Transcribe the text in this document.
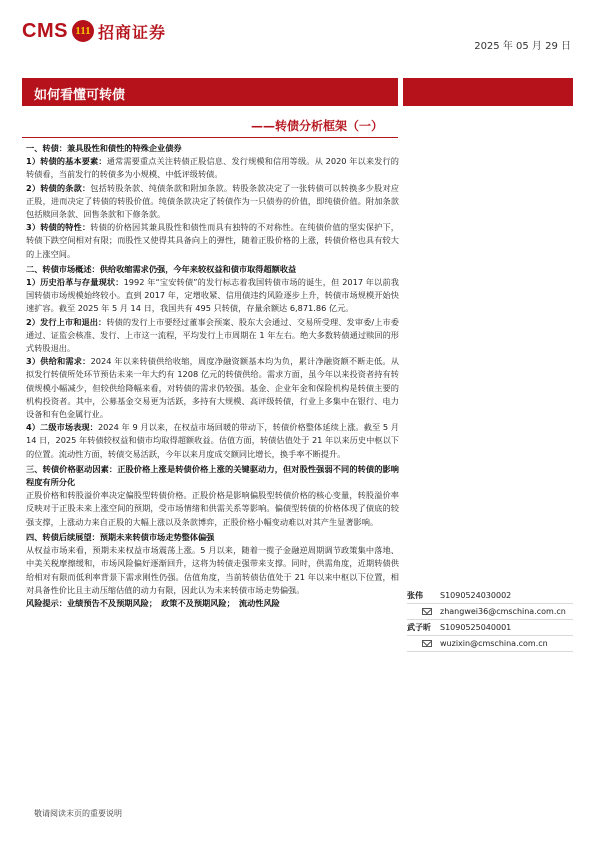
CMS 111 招商证券
2025 年 05 月 29 日
如何看懂可转债
——转债分析框架（一）

一、转债：兼具股性和债性的特殊企业债券

1）转债的基本要素：通常需要重点关注转债正股信息、发行规模和信用等级。从 2020 年以来发行的转债看，当前发行的转债多为小规模、中低评级转债。

2）转债的条款：包括转股条款、纯债条款和附加条款。转股条款决定了一张转债可以转换多少股对应正股，进而决定了转债的转股价值。纯债条款决定了转债作为一只债券的价值，即纯债价值。附加条款包括赎回条款、回售条款和下修条款。

3）转债的特性：转债的价格因其兼具股性和债性而具有独特的不对称性。在纯债价值的坚实保护下，转债下跌空间相对有限；而股性又使得其具备向上的弹性，随着正股价格的上涨，转债价格也具有较大的上涨空间。

二、转债市场概述：供给收缩需求仍强，今年来较权益和债市取得超额收益

1）历史沿革与存量现状：1992 年“宝安转债”的发行标志着我国转债市场的诞生，但 2017 年以前我国转债市场规模始终较小。直到 2017 年，定增收紧、信用债违约风险逐步上升，转债市场规模开始快速扩容。截至 2025 年 5 月 14 日，我国共有 495 只转债，存量余额达 6,871.86 亿元。

2）发行上市和退出：转债的发行上市要经过董事会预案、股东大会通过、交易所受理、发审委/上市委通过、证监会核准、发行、上市这一流程，平均发行上市周期在 1 年左右。绝大多数转债通过赎回的形式转股退出。

3）供给和需求：2024 年以来转债供给收缩，周度净融资额基本均为负，累计净融资额不断走低。从拟发行转债所处环节预估未来一年大约有 1208 亿元的转债供给。需求方面，虽今年以来投资者持有转债规模小幅减少，但较供给降幅来看，对转债的需求仍较强。基金、企业年金和保险机构是转债主要的机构投资者。其中，公募基金交易更为活跃，多持有大规模、高评级转债，行业上多集中在银行、电力设备和有色金属行业。

4）二级市场表现：2024 年 9 月以来，在权益市场回暖的带动下，转债价格整体延续上涨。截至 5 月 14 日，2025 年转债较权益和债市均取得超额收益。估值方面，转债估值处于 21 年以来历史中枢以下的位置。流动性方面，转债交易活跃，今年以来月度成交额同比增长，换手率不断提升。

三、转债价格驱动因素：正股价格上涨是转债价格上涨的关键驱动力，但对股性强弱不同的转债的影响程度有所分化

正股价格和转股溢价率决定偏股型转债价格。正股价格是影响偏股型转债价格的核心变量，转股溢价率反映对于正股未来上涨空间的预期，受市场情绪和供需关系等影响。偏债型转债的价格体现了债底的较强支撑，上涨动力来自正股的大幅上涨以及条款博弈，正股价格小幅变动难以对其产生显著影响。

四、转债后续展望：预期未来转债市场走势整体偏强

从权益市场来看，预期未来权益市场震荡上涨。5 月以来，随着一揽子金融逆周期调节政策集中落地、中美关税摩擦缓和，市场风险偏好逐渐回升，这将为转债走强带来支撑。同时，供需角度，近期转债供给相对有限而低利率背景下需求刚性仍强。估值角度，当前转债估值处于 21 年以来中枢以下位置，相对具备性价比且主动压缩估值的动力有限，因此认为未来转债市场走势偏强。

风险提示：业绩预告不及预期风险；　政策不及预期风险；　流动性风险

张伟	S1090524030002
zhangwei36@cmschina.com.cn
武子昕	S1090525040001
wuzixin@cmschina.com.cn
敬请阅读末页的重要说明
